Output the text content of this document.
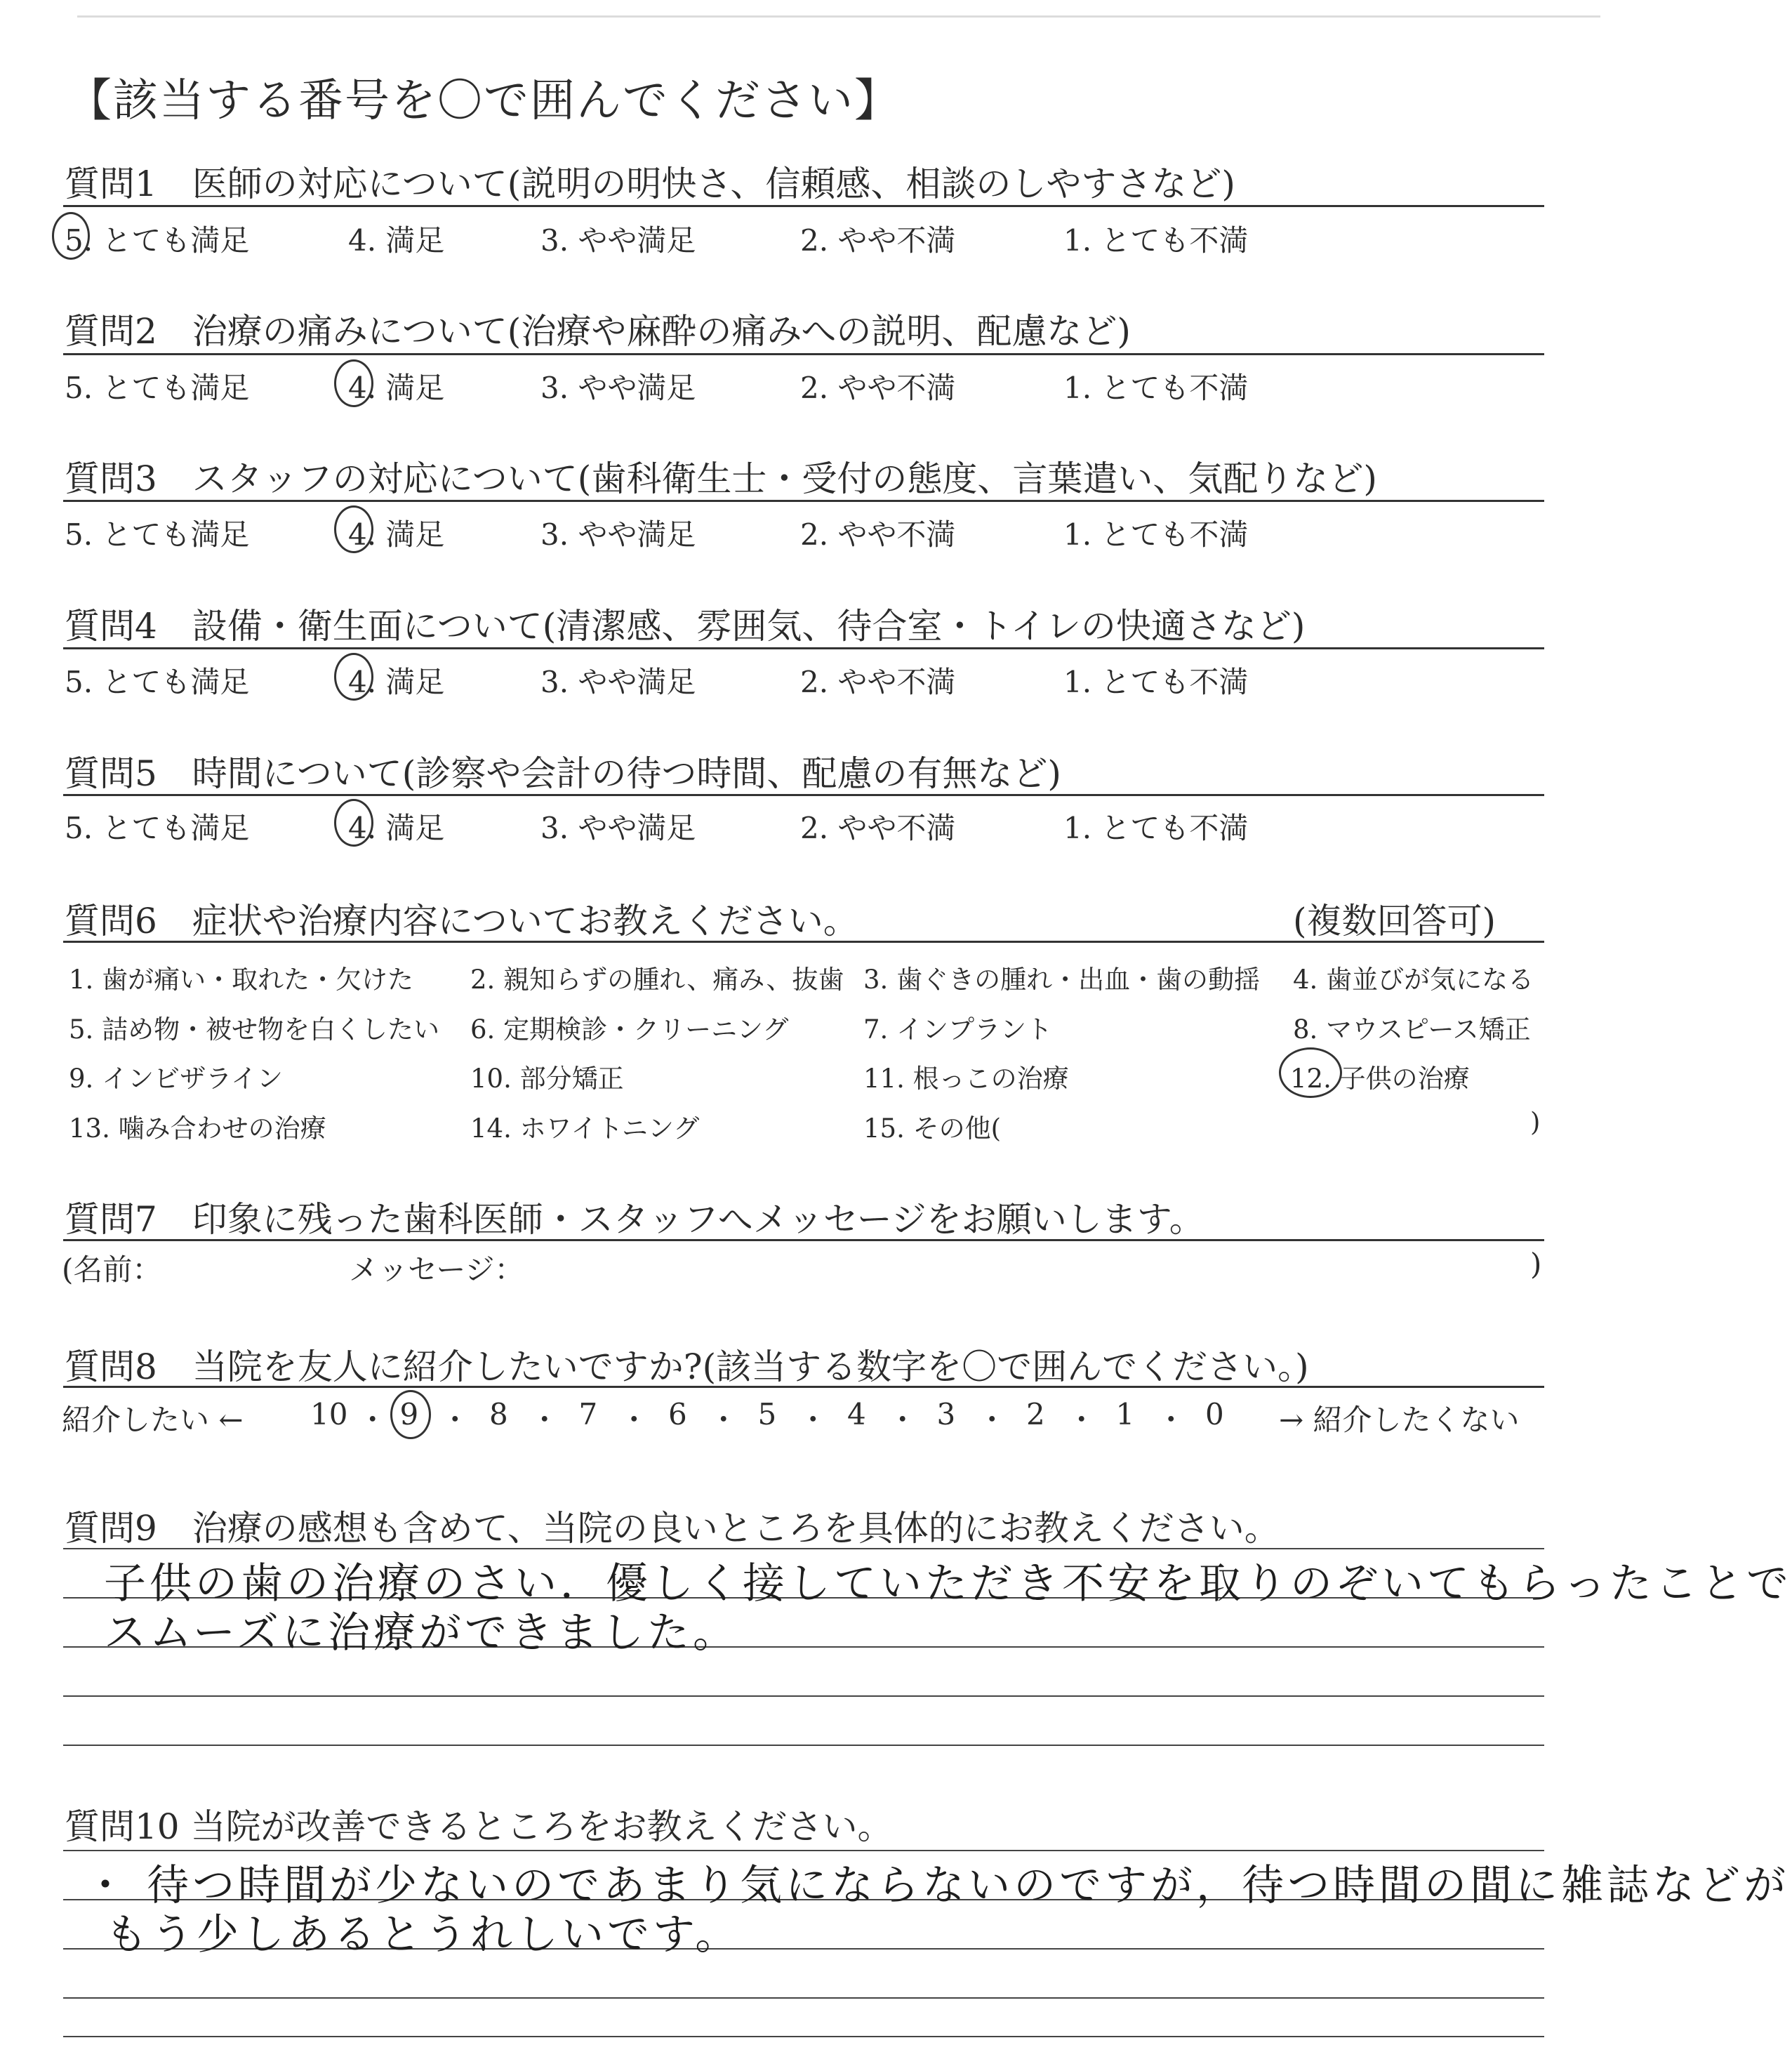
【該当する番号を〇で囲んでください】
質問1　医師の対応について(説明の明快さ、信頼感、相談のしやすさなど)
5. とても満足	4. 満足	3. やや満足	2. やや不満	1. とても不満
質問2　治療の痛みについて(治療や麻酔の痛みへの説明、配慮など)
5. とても満足	4. 満足	3. やや満足	2. やや不満	1. とても不満
質問3　スタッフの対応について(歯科衛生士・受付の態度、言葉遣い、気配りなど)
5. とても満足	4. 満足	3. やや満足	2. やや不満	1. とても不満
質問4　設備・衛生面について(清潔感、雰囲気、待合室・トイレの快適さなど)
5. とても満足	4. 満足	3. やや満足	2. やや不満	1. とても不満
質問5　時間について(診察や会計の待つ時間、配慮の有無など)
5. とても満足	4. 満足	3. やや満足	2. やや不満	1. とても不満
質問6　症状や治療内容についてお教えください。	(複数回答可)
1. 歯が痛い・取れた・欠けた 2. 親知らずの腫れ、痛み、抜歯 3. 歯ぐきの腫れ・出血・歯の動揺 4. 歯並びが気になる
5. 詰め物・被せ物を白くしたい 6. 定期検診・クリーニング	7. インプラント	8. マウスピース矯正
9. インビザライン	10. 部分矯正	11. 根っこの治療	12. 子供の治療
13. 噛み合わせの治療	14. ホワイトニング	15. その他(	)
質問7　印象に残った歯科医師・スタッフへメッセージをお願いします。
(名前：	メッセージ：	)
質問8　当院を友人に紹介したいですか?(該当する数字を〇で囲んでください。)
紹介したい ← 10 ・ 9 ・ 8 ・ 7 ・ 6 ・ 5 ・ 4 ・ 3 ・ 2 ・ 1 ・ 0 → 紹介したくない
質問9　治療の感想も含めて、当院の良いところを具体的にお教えください。
子供の歯の治療のさい．優しく接していただき不安を取りのぞいてもらったことで
スムーズに治療ができました。
質問10 当院が改善できるところをお教えください。
・ 待つ時間が少ないのであまり気にならないのですが，待つ時間の間に雑誌などが
もう少しあるとうれしいです。
